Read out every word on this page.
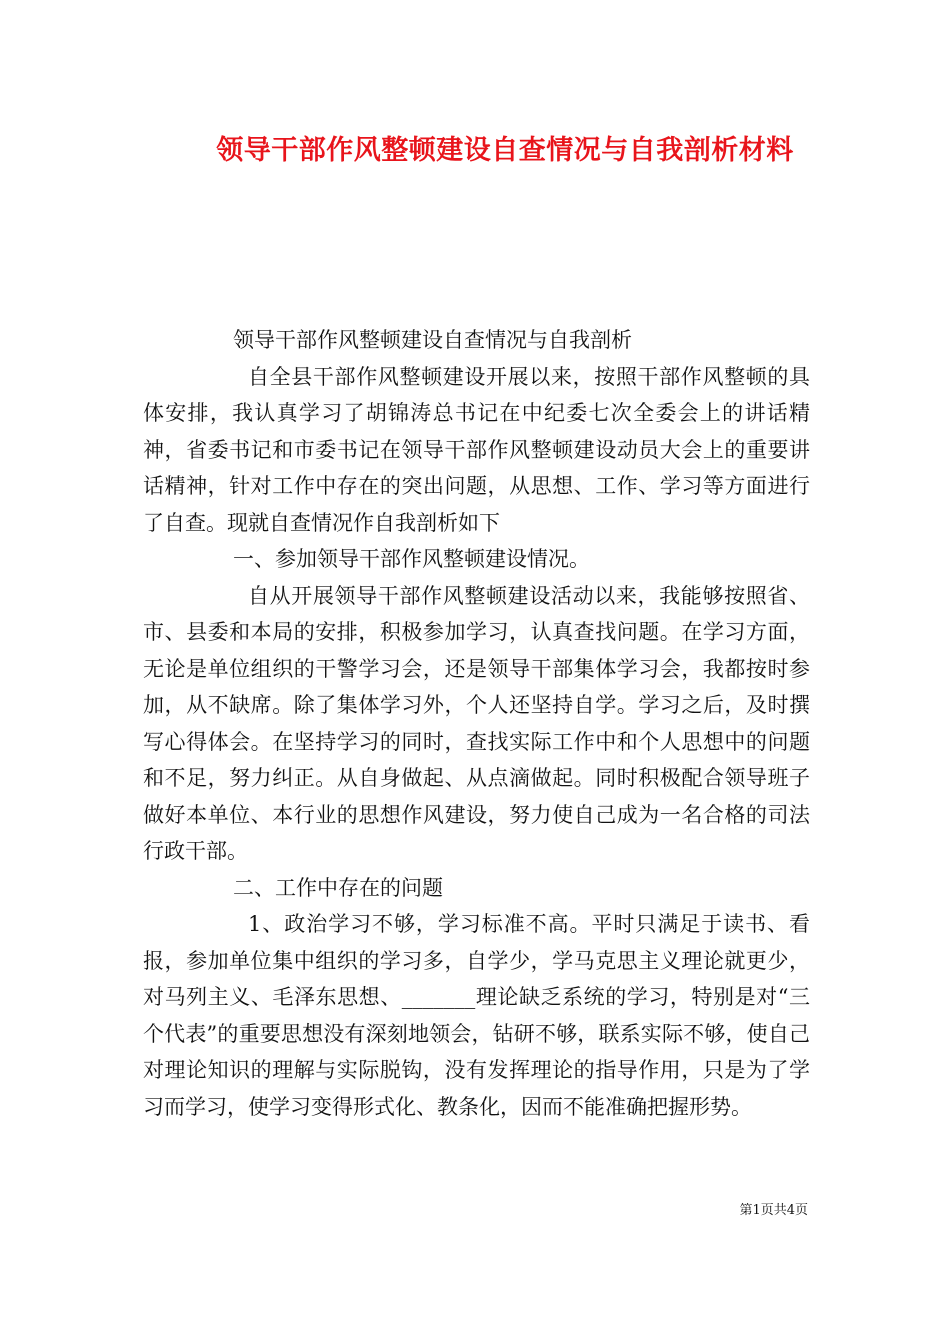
领导干部作风整顿建设自查情况与自我剖析材料

领导干部作风整顿建设自查情况与自我剖析

自全县干部作风整顿建设开展以来，按照干部作风整顿的具体安排，我认真学习了胡锦涛总书记在中纪委七次全委会上的讲话精神，省委书记和市委书记在领导干部作风整顿建设动员大会上的重要讲话精神，针对工作中存在的突出问题，从思想、工作、学习等方面进行了自查。现就自查情况作自我剖析如下

一、参加领导干部作风整顿建设情况。

自从开展领导干部作风整顿建设活动以来，我能够按照省、市、县委和本局的安排，积极参加学习，认真查找问题。在学习方面，无论是单位组织的干警学习会，还是领导干部集体学习会，我都按时参加，从不缺席。除了集体学习外，个人还坚持自学。学习之后，及时撰写心得体会。在坚持学习的同时，查找实际工作中和个人思想中的问题和不足，努力纠正。从自身做起、从点滴做起。同时积极配合领导班子做好本单位、本行业的思想作风建设，努力使自己成为一名合格的司法行政干部。

二、工作中存在的问题

1、政治学习不够，学习标准不高。平时只满足于读书、看报，参加单位集中组织的学习多，自学少，学马克思主义理论就更少，对马列主义、毛泽东思想、_______理论缺乏系统的学习，特别是对“三个代表”的重要思想没有深刻地领会，钻研不够，联系实际不够，使自己对理论知识的理解与实际脱钩，没有发挥理论的指导作用，只是为了学习而学习，使学习变得形式化、教条化，因而不能准确把握形势。

第1页共4页
